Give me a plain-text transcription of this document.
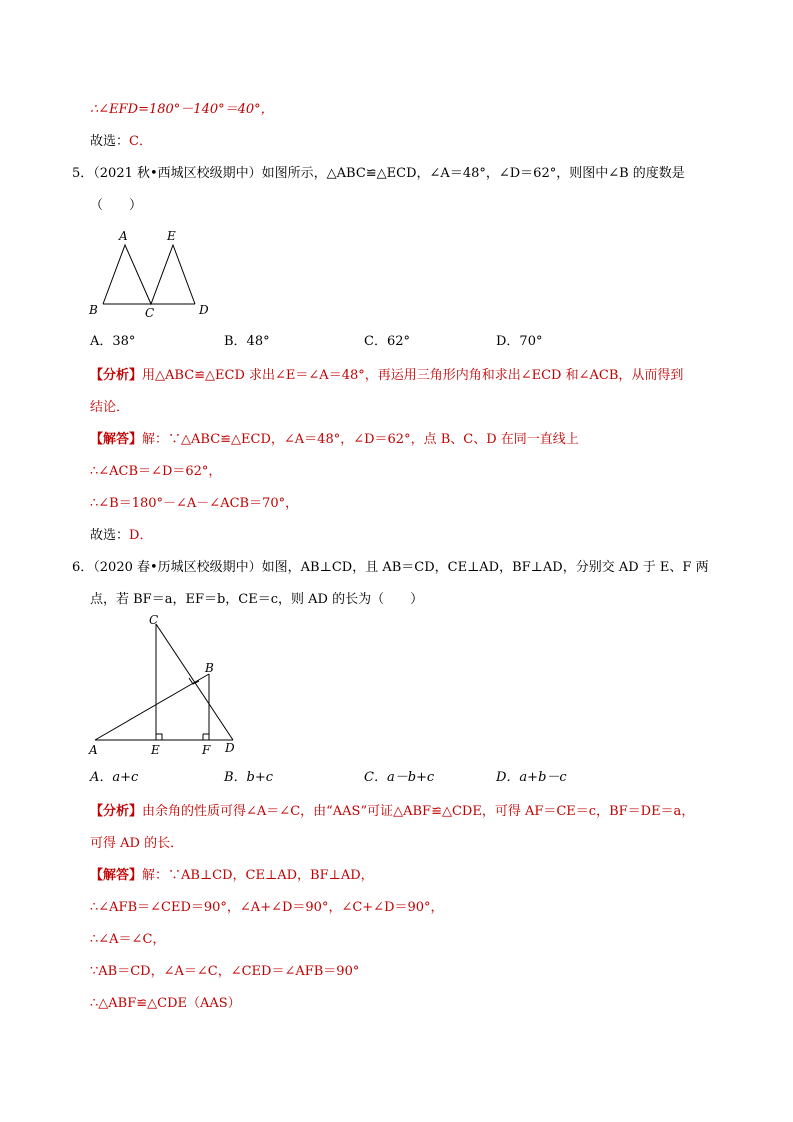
∴∠EFD=180°－140°＝40°，
故选：C．
5．（2021 秋•西城区校级期中）如图所示，△ABC≌△ECD，∠A＝48°，∠D＝62°，则图中∠B 的度数是
（　　）
A	E
B	C	D
A．38°	B．48°	C．62°	D．70°
【分析】用△ABC≌△ECD 求出∠E＝∠A＝48°，再运用三角形内角和求出∠ECD 和∠ACB，从而得到
结论．
【解答】解：∵△ABC≌△ECD，∠A＝48°，∠D＝62°，点 B、C、D 在同一直线上
∴∠ACB＝∠D＝62°，
∴∠B＝180°－∠A－∠ACB＝70°，
故选：D．
6．（2020 春•历城区校级期中）如图，AB⊥CD，且 AB＝CD，CE⊥AD，BF⊥AD，分别交 AD 于 E、F 两
点，若 BF＝a，EF＝b，CE＝c，则 AD 的长为（　　）
C
B
A	E	F D
A．a+c	B．b+c	C．a－b+c	D．a+b－c
【分析】由余角的性质可得∠A＝∠C，由“AAS”可证△ABF≌△CDE，可得 AF＝CE＝c，BF＝DE＝a，
可得 AD 的长．
【解答】解：∵AB⊥CD，CE⊥AD，BF⊥AD，
∴∠AFB＝∠CED＝90°，∠A+∠D＝90°，∠C+∠D＝90°，
∴∠A＝∠C，
∵AB＝CD，∠A＝∠C，∠CED＝∠AFB＝90°
∴△ABF≌△CDE（AAS）
